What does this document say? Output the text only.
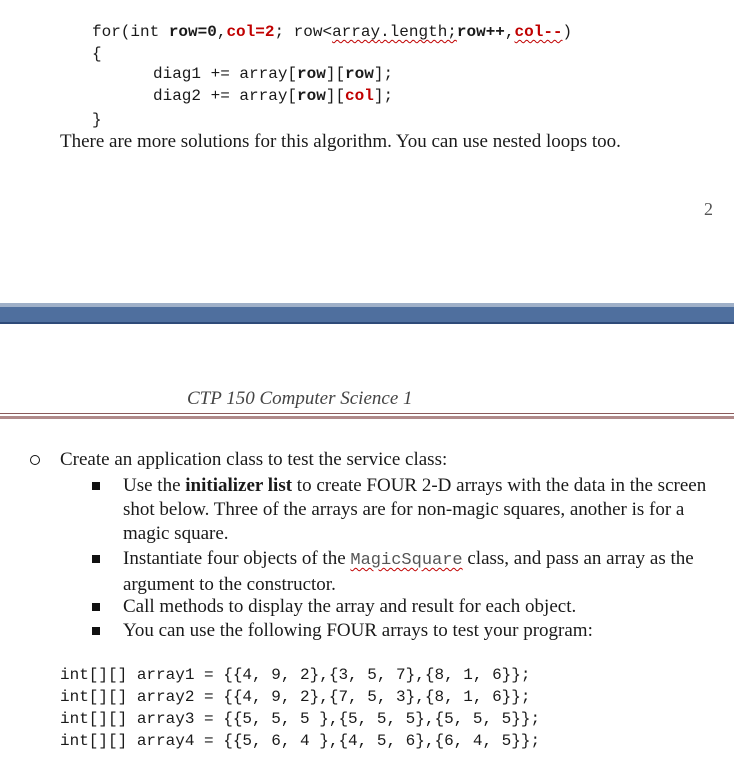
for(int row=0,col=2; row<array.length;row++,col--)
{
diag1 += array[row][row];
diag2 += array[row][col];
}
There are more solutions for this algorithm. You can use nested loops too.
2
CTP 150 Computer Science 1
Create an application class to test the service class:
Use the initializer list to create FOUR 2-D arrays with the data in the screen shot below. Three of the arrays are for non-magic squares, another is for a magic square.
Instantiate four objects of the MagicSquare class, and pass an array as the argument to the constructor.
Call methods to display the array and result for each object.
You can use the following FOUR arrays to test your program:
int[][] array1 = {{4, 9, 2},{3, 5, 7},{8, 1, 6}};
int[][] array2 = {{4, 9, 2},{7, 5, 3},{8, 1, 6}};
int[][] array3 = {{5, 5, 5 },{5, 5, 5},{5, 5, 5}};
int[][] array4 = {{5, 6, 4 },{4, 5, 6},{6, 4, 5}};
